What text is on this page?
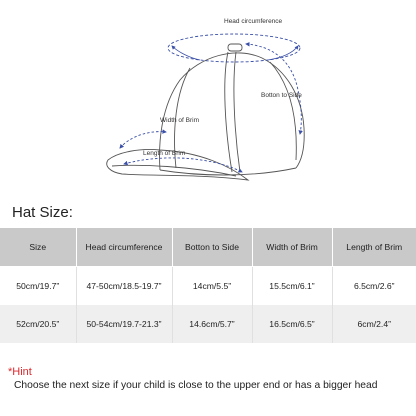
Head circumference
Botton to Side
Width of Brim
Length of Brim
Hat Size:
Size	Head circumference	Botton to Side	Width of Brim	Length of Brim
50cm/19.7”	47-50cm/18.5-19.7”	14cm/5.5”	15.5cm/6.1”	6.5cm/2.6”
52cm/20.5”	50-54cm/19.7-21.3”	14.6cm/5.7”	16.5cm/6.5”	6cm/2.4”
*Hint
Choose the next size if your child is close to the upper end or has a bigger head
